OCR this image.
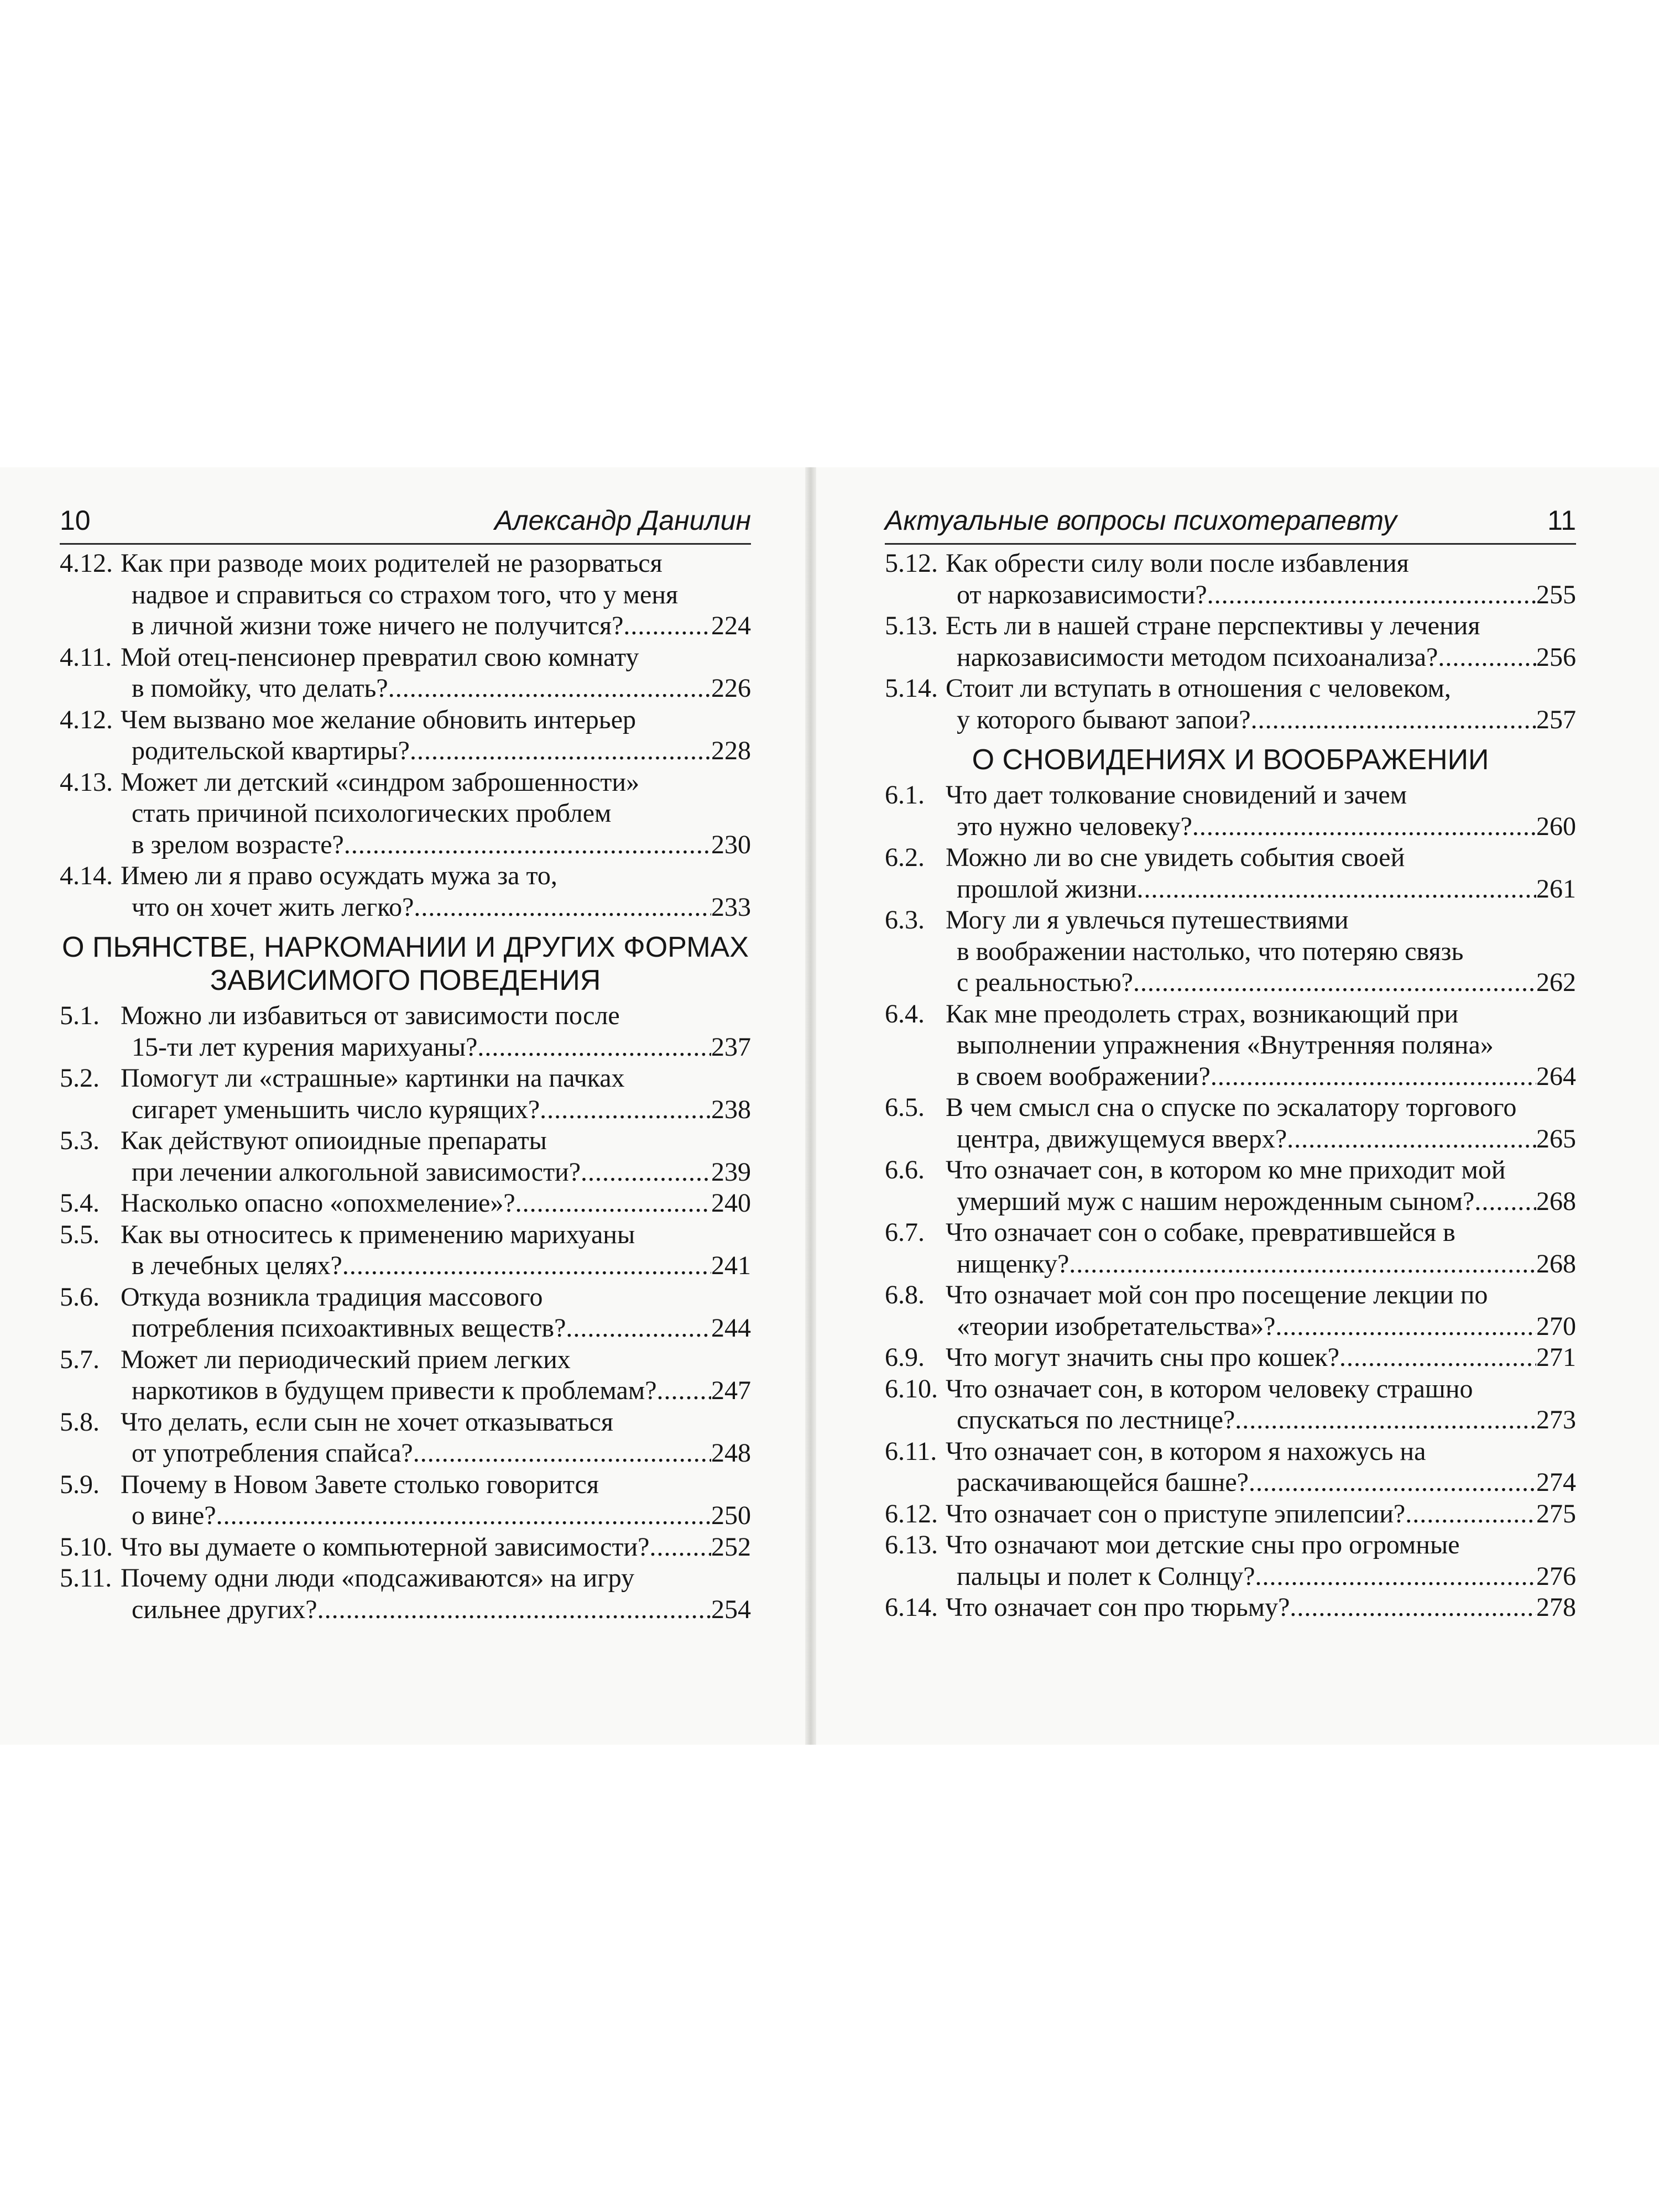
10	Александр Данилин
4.12. Как при разводе моих родителей не разорваться
надвое и справиться со страхом того, что у меня
в личной жизни тоже ничего не получится? .....	224
4.11. Мой отец-пенсионер превратил свою комнату
в помойку, что делать? .....	226
4.12. Чем вызвано мое желание обновить интерьер
родительской квартиры? .....	228
4.13. Может ли детский «синдром заброшенности»
стать причиной психологических проблем
в зрелом возрасте? .....	230
4.14. Имею ли я право осуждать мужа за то,
что он хочет жить легко? .....	233
О ПЬЯНСТВЕ, НАРКОМАНИИ И ДРУГИХ ФОРМАХ
ЗАВИСИМОГО ПОВЕДЕНИЯ
5.1. Можно ли избавиться от зависимости после
15-ти лет курения марихуаны? .....	237
5.2. Помогут ли «страшные» картинки на пачках
сигарет уменьшить число курящих? .....	238
5.3. Как действуют опиоидные препараты
при лечении алкогольной зависимости? .....	239
5.4. Насколько опасно «опохмеление»? .....	240
5.5. Как вы относитесь к применению марихуаны
в лечебных целях? .....	241
5.6. Откуда возникла традиция массового
потребления психоактивных веществ? .....	244
5.7. Может ли периодический прием легких
наркотиков в будущем привести к проблемам? ..... 247
5.8. Что делать, если сын не хочет отказываться
от употребления спайса? .....	248
5.9. Почему в Новом Завете столько говорится
о вине? .....	250
5.10. Что вы думаете о компьютерной зависимости? ..... 252
5.11. Почему одни люди «подсаживаются» на игру
сильнее других? .....	254
Актуальные вопросы психотерапевту	11
5.12. Как обрести силу воли после избавления
от наркозависимости? .....	255
5.13. Есть ли в нашей стране перспективы у лечения
наркозависимости методом психоанализа? .....	256
5.14. Стоит ли вступать в отношения с человеком,
у которого бывают запои? .....	257
О СНОВИДЕНИЯХ И ВООБРАЖЕНИИ
6.1. Что дает толкование сновидений и зачем
это нужно человеку? .....	260
6.2. Можно ли во сне увидеть события своей
прошлой жизни .....	261
6.3. Могу ли я увлечься путешествиями
в воображении настолько, что потеряю связь
с реальностью? .....	262
6.4. Как мне преодолеть страх, возникающий при
выполнении упражнения «Внутренняя поляна»
в своем воображении? .....	264
6.5. В чем смысл сна о спуске по эскалатору торгового
центра, движущемуся вверх? .....	265
6.6. Что означает сон, в котором ко мне приходит мой
умерший муж с нашим нерожденным сыном? ..... 268
6.7. Что означает сон о собаке, превратившейся в
нищенку? .....	268
6.8. Что означает мой сон про посещение лекции по
«теории изобретательства»? .....	270
6.9. Что могут значить сны про кошек? .....	271
6.10. Что означает сон, в котором человеку страшно
спускаться по лестнице? .....	273
6.11. Что означает сон, в котором я нахожусь на
раскачивающейся башне? .....	274
6.12. Что означает сон о приступе эпилепсии? .....	275
6.13. Что означают мои детские сны про огромные
пальцы и полет к Солнцу? .....	276
6.14. Что означает сон про тюрьму? .....	278
